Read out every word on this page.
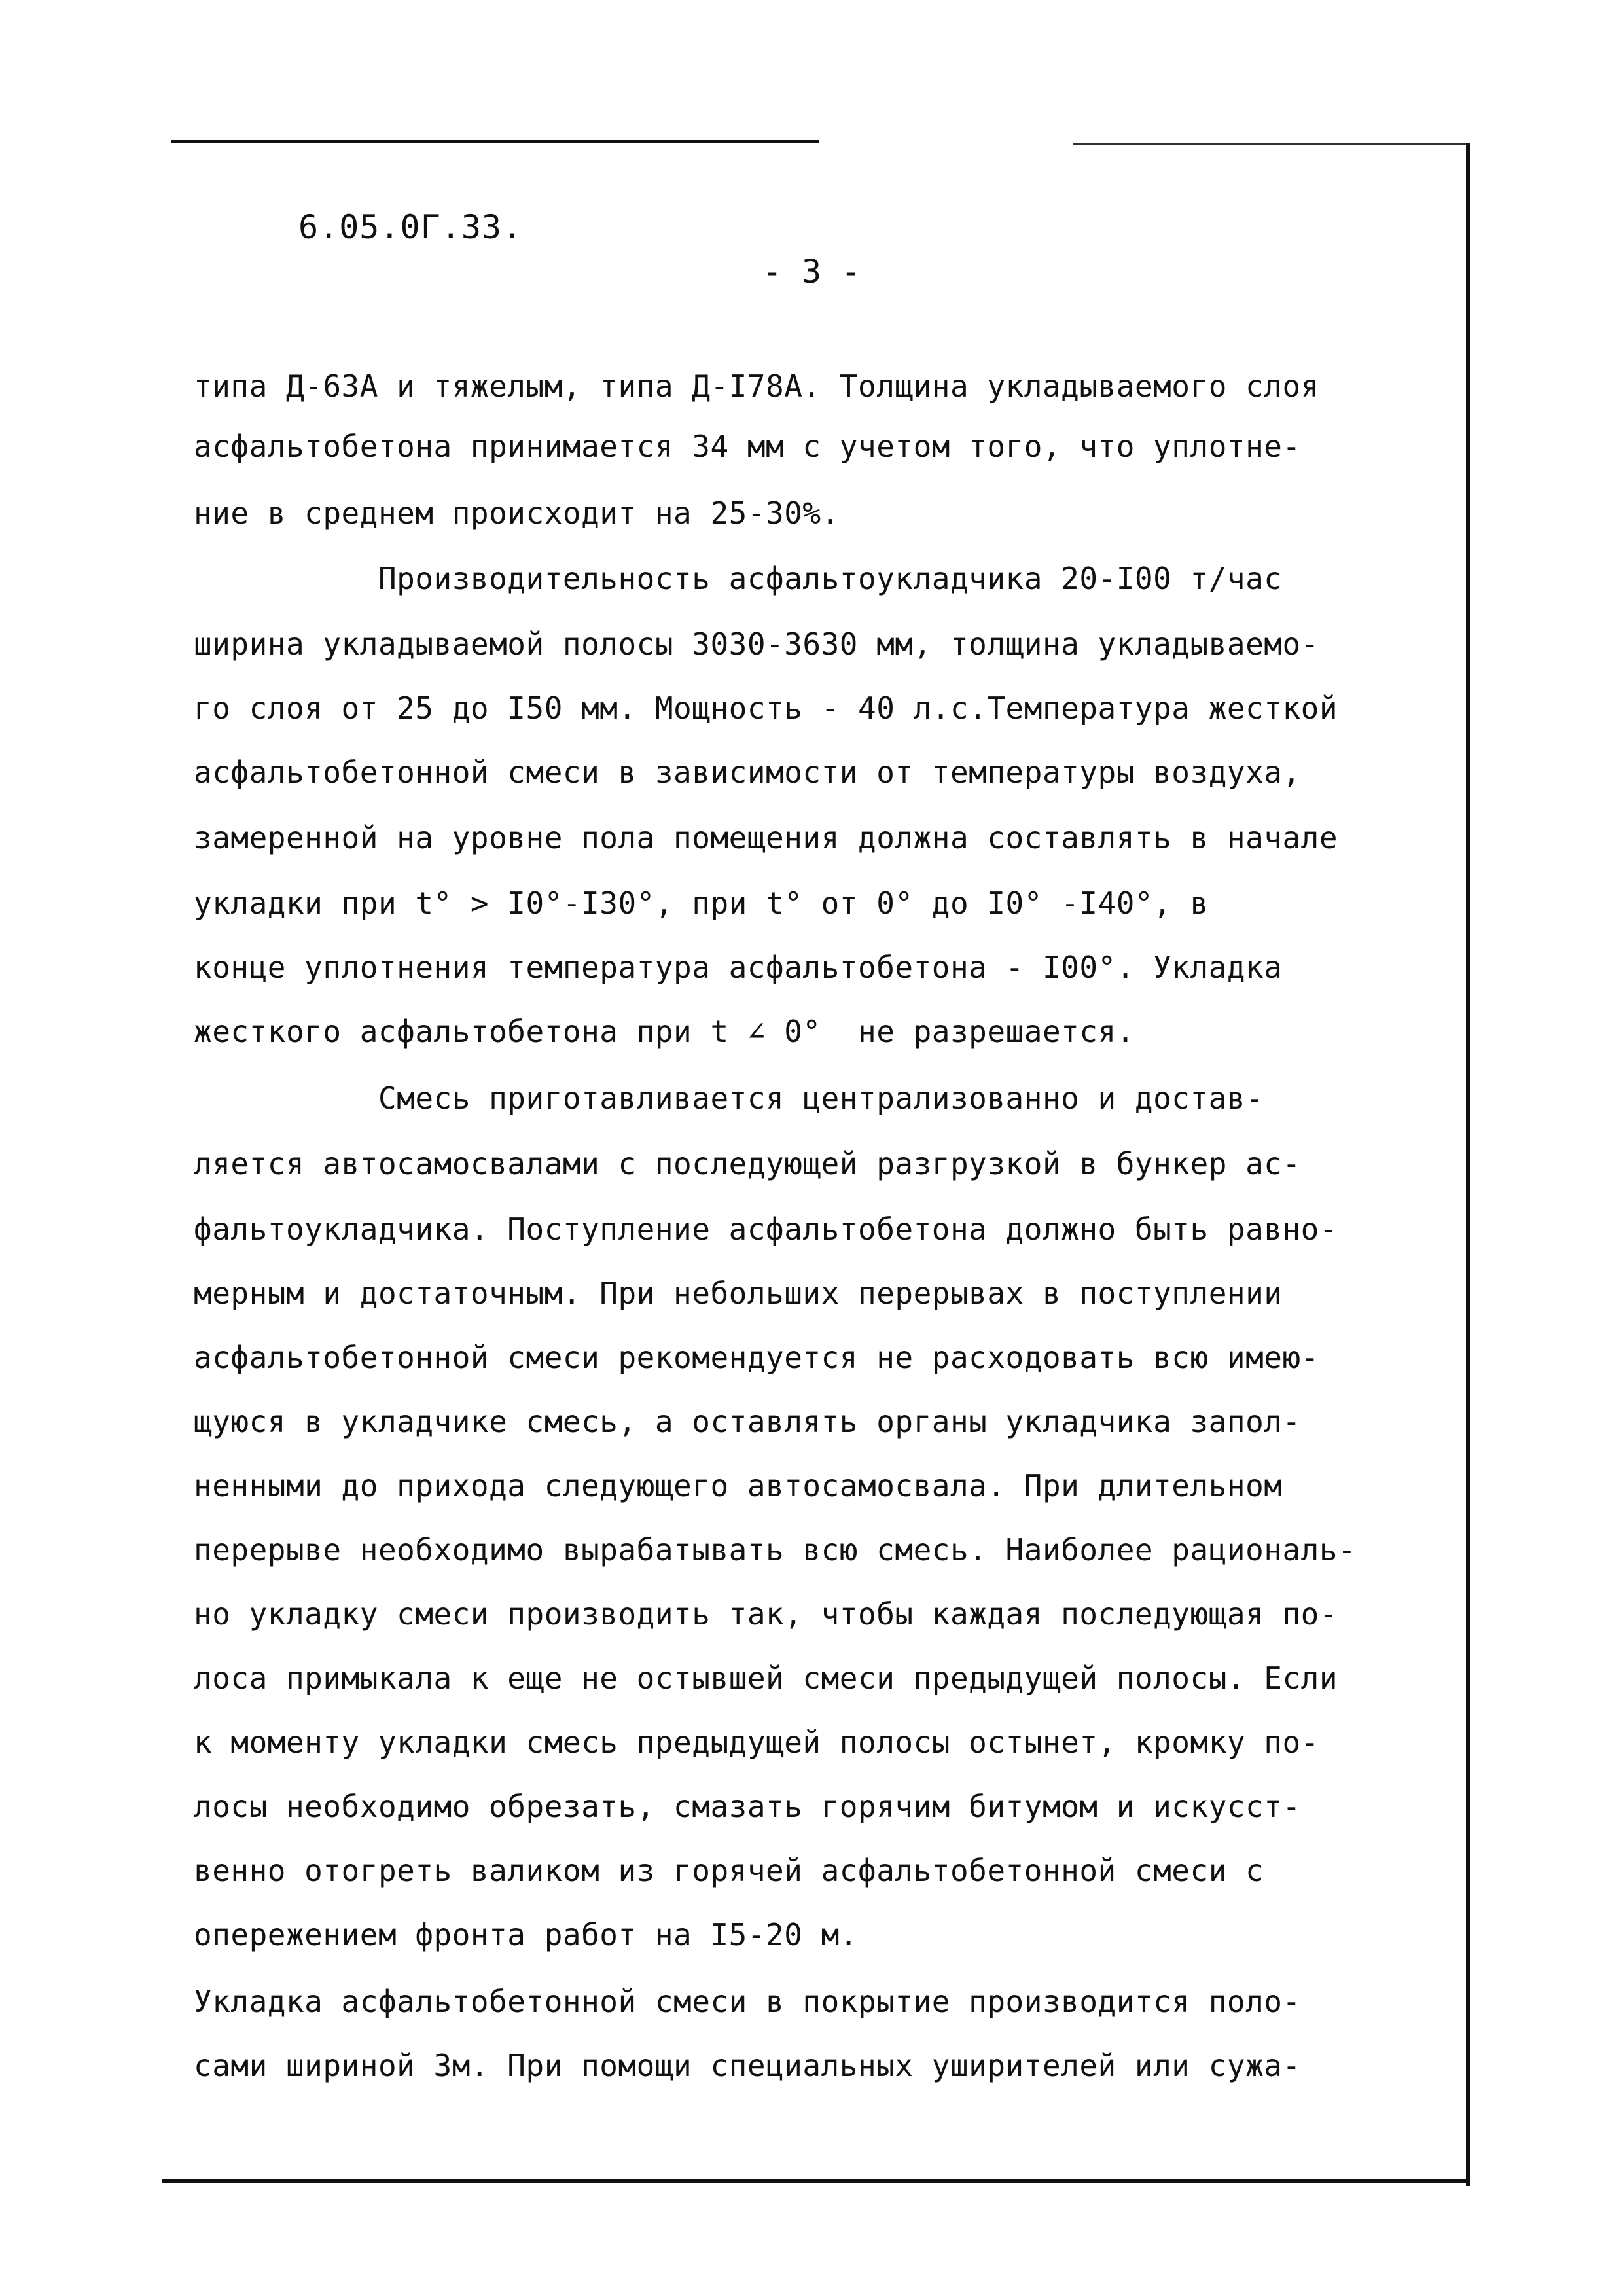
6.05.0Г.33.
- 3 -
типа Д-63А и тяжелым, типа Д-I78А. Толщина укладываемого слоя
асфальтобетона принимается 34 мм с учетом того, что уплотне-
ние в среднем происходит на 25-30%.
Производительность асфальтоукладчика 20-I00 т/час
ширина укладываемой полосы 3030-3630 мм, толщина укладываемо-
го слоя от 25 до I50 мм. Мощность - 40 л.с.Температура жесткой
асфальтобетонной смеси в зависимости от температуры воздуха,
замеренной на уровне пола помещения должна составлять в начале
укладки при t° > I0°-I30°, при t° от 0° до I0° -I40°, в
конце уплотнения температура асфальтобетона - I00°. Укладка
жесткого асфальтобетона при t ∠ 0°  не разрешается.
Смесь приготавливается централизованно и достав-
ляется автосамосвалами с последующей разгрузкой в бункер ас-
фальтоукладчика. Поступление асфальтобетона должно быть равно-
мерным и достаточным. При небольших перерывах в поступлении
асфальтобетонной смеси рекомендуется не расходовать всю имею-
щуюся в укладчике смесь, а оставлять органы укладчика запол-
ненными до прихода следующего автосамосвала. При длительном
перерыве необходимо вырабатывать всю смесь. Наиболее рациональ-
но укладку смеси производить так, чтобы каждая последующая по-
лоса примыкала к еще не остывшей смеси предыдущей полосы. Если
к моменту укладки смесь предыдущей полосы остынет, кромку по-
лосы необходимо обрезать, смазать горячим битумом и искусст-
венно отогреть валиком из горячей асфальтобетонной смеси с
опережением фронта работ на I5-20 м.
Укладка асфальтобетонной смеси в покрытие производится поло-
сами шириной 3м. При помощи специальных уширителей или сужа-
